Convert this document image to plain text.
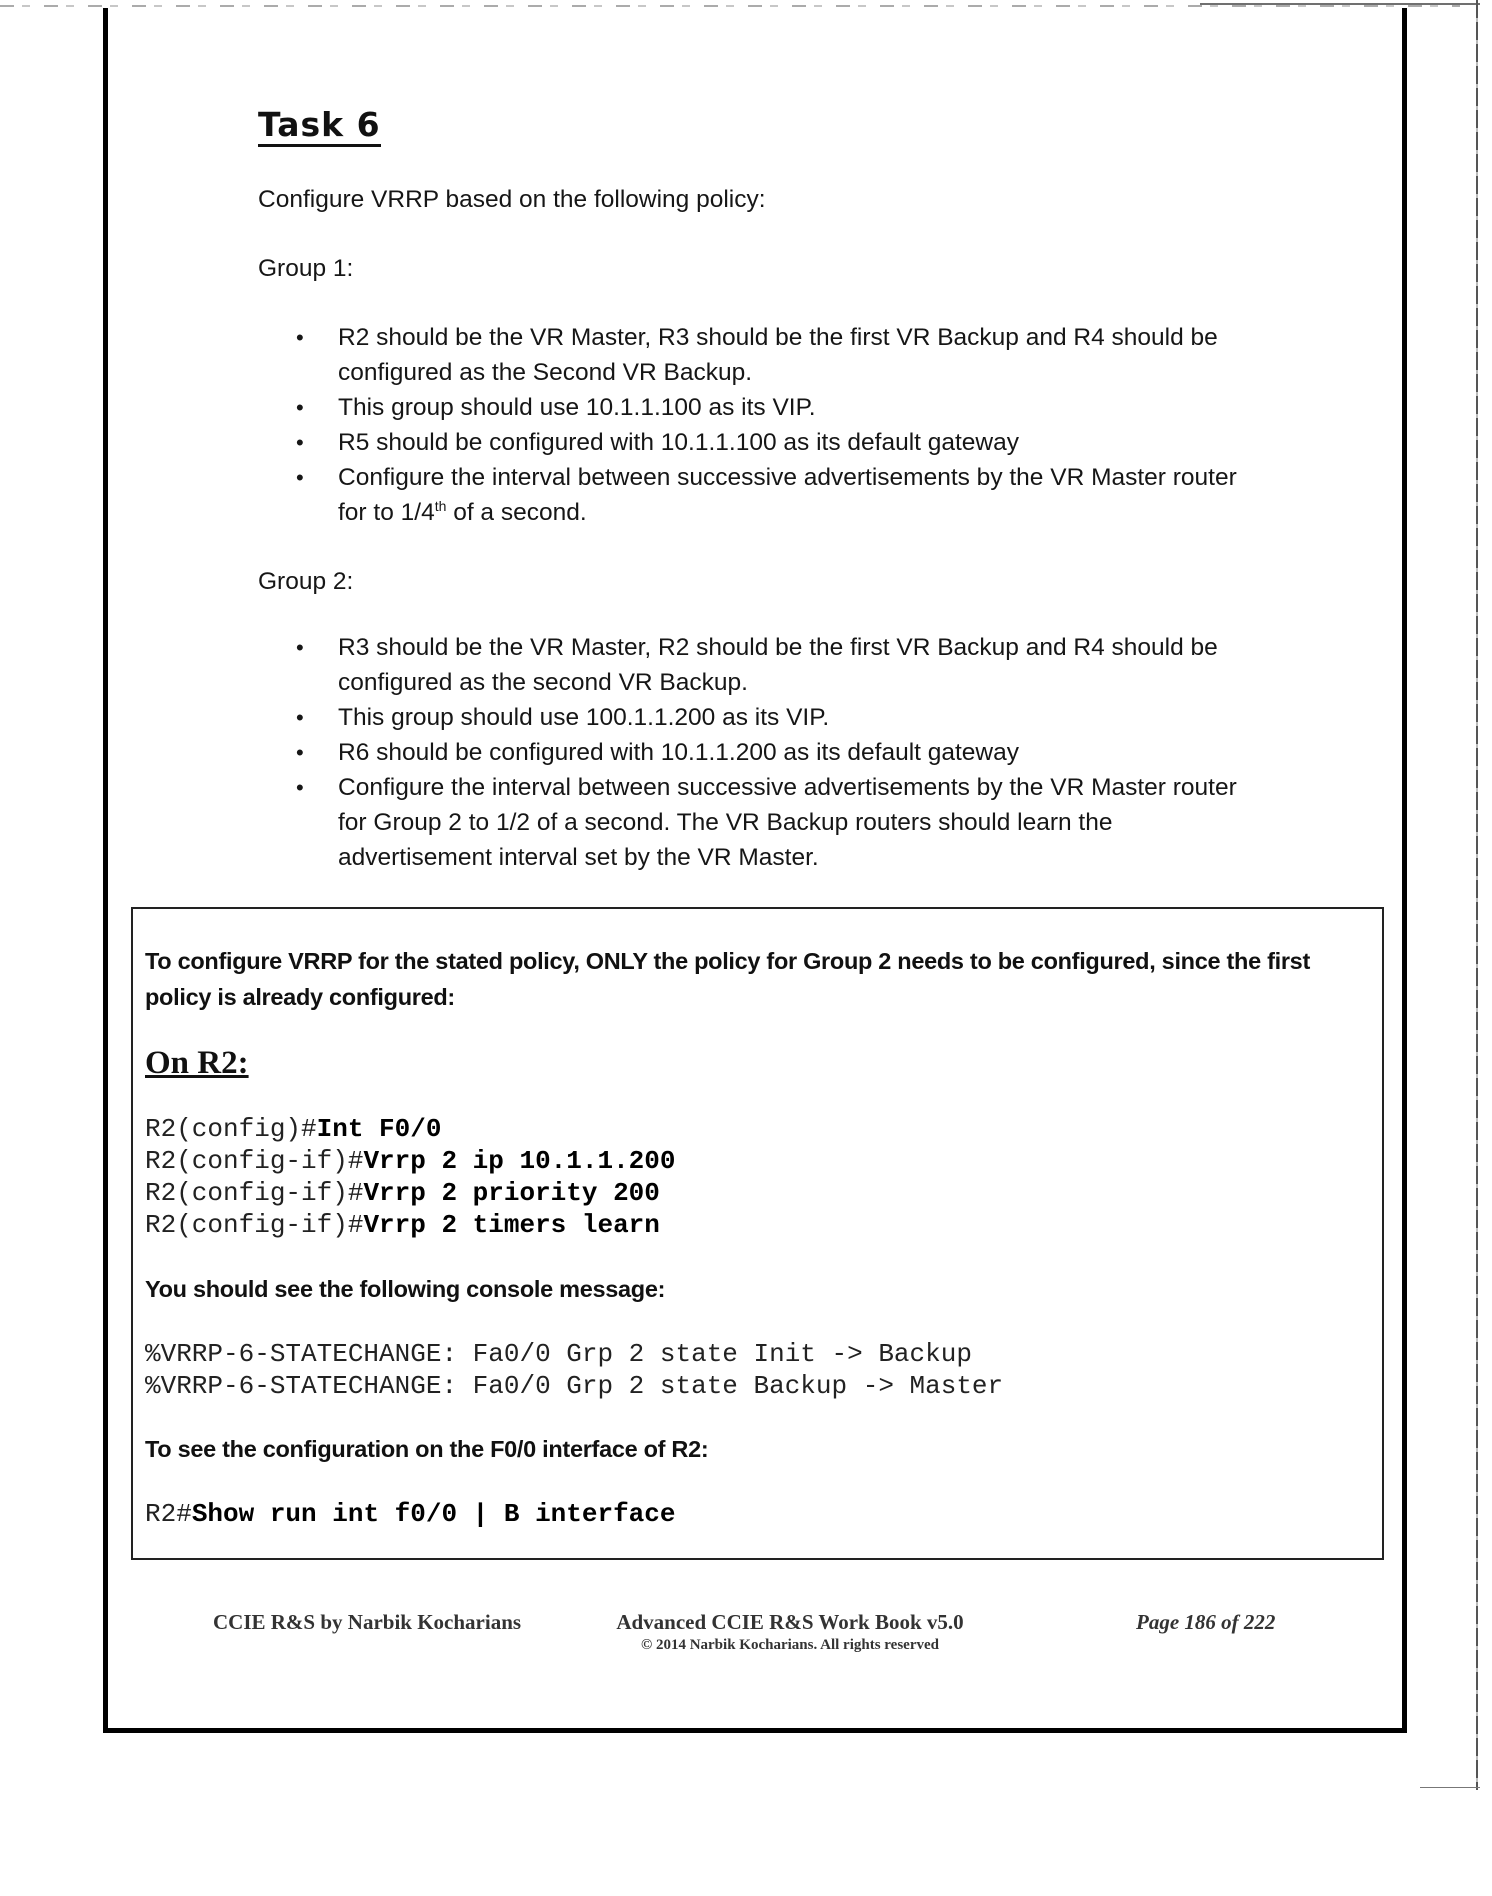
Task 6
Configure VRRP based on the following policy:
Group 1:
• R2 should be the VR Master, R3 should be the first VR Backup and R4 should be configured as the Second VR Backup.
• This group should use 10.1.1.100 as its VIP.
• R5 should be configured with 10.1.1.100 as its default gateway
• Configure the interval between successive advertisements by the VR Master router for to 1/4th of a second.
Group 2:
• R3 should be the VR Master, R2 should be the first VR Backup and R4 should be configured as the second VR Backup.
• This group should use 100.1.1.200 as its VIP.
• R6 should be configured with 10.1.1.200 as its default gateway
• Configure the interval between successive advertisements by the VR Master router for Group 2 to 1/2 of a second. The VR Backup routers should learn the advertisement interval set by the VR Master.
To configure VRRP for the stated policy, ONLY the policy for Group 2 needs to be configured, since the first policy is already configured:
On R2:
R2(config)#Int F0/0
R2(config-if)#Vrrp 2 ip 10.1.1.200
R2(config-if)#Vrrp 2 priority 200
R2(config-if)#Vrrp 2 timers learn
You should see the following console message:
%VRRP-6-STATECHANGE: Fa0/0 Grp 2 state Init -> Backup
%VRRP-6-STATECHANGE: Fa0/0 Grp 2 state Backup -> Master
To see the configuration on the F0/0 interface of R2:
R2#Show run int f0/0 | B interface
CCIE R&S by Narbik Kocharians	Advanced CCIE R&S Work Book v5.0
© 2014 Narbik Kocharians. All rights reserved
Page 186 of 222
